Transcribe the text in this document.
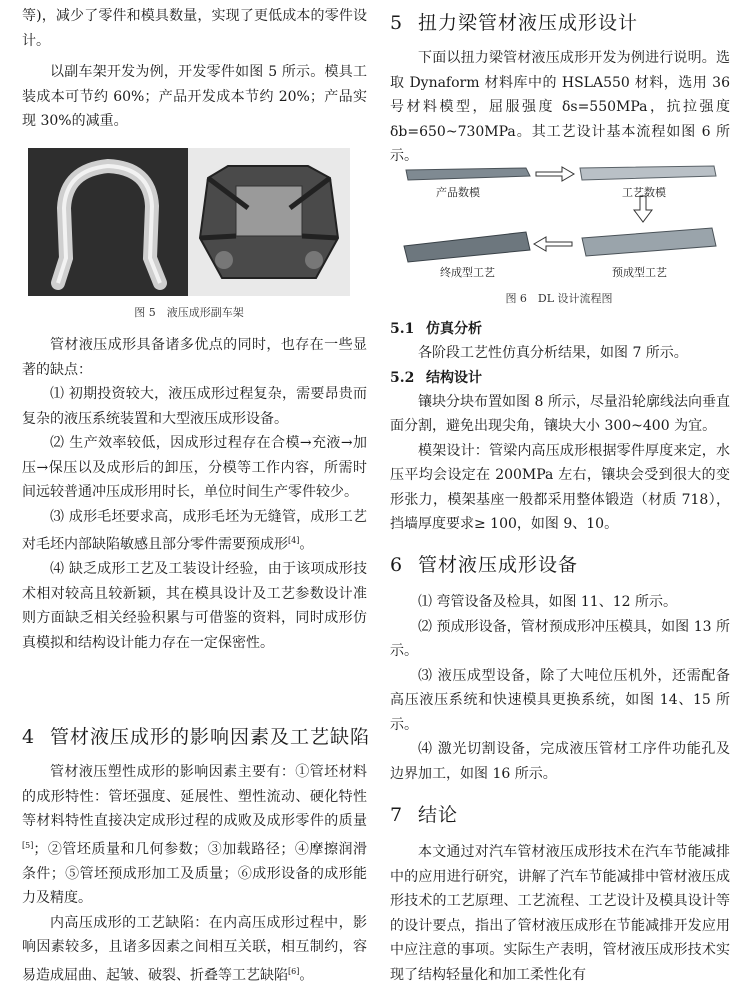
等)，减少了零件和模具数量，实现了更低成本的零件设计。

以副车架开发为例，开发零件如图 5 所示。模具工装成本可节约 60%；产品开发成本节约 20%；产品实现 30%的减重。

图 5　液压成形副车架

管材液压成形具备诸多优点的同时，也存在一些显著的缺点：

⑴ 初期投资较大，液压成形过程复杂，需要昂贵而复杂的液压系统装置和大型液压成形设备。

⑵ 生产效率较低，因成形过程存在合模→充液→加压→保压以及成形后的卸压，分模等工作内容，所需时间远较普通冲压成形用时长，单位时间生产零件较少。

⑶ 成形毛坯要求高，成形毛坯为无缝管，成形工艺对毛坯内部缺陷敏感且部分零件需要预成形[4]。

⑷ 缺乏成形工艺及工装设计经验，由于该项成形技术相对较高且较新颖，其在模具设计及工艺参数设计准则方面缺乏相关经验积累与可借鉴的资料，同时成形仿真模拟和结构设计能力存在一定保密性。

4 管材液压成形的影响因素及工艺缺陷

管材液压塑性成形的影响因素主要有：①管坯材料的成形特性：管坯强度、延展性、塑性流动、硬化特性等材料特性直接决定成形过程的成败及成形零件的质量[5]；②管坯质量和几何参数；③加载路径；④摩擦润滑条件；⑤管坯预成形加工及质量；⑥成形设备的成形能力及精度。

内高压成形的工艺缺陷：在内高压成形过程中，影响因素较多，且诸多因素之间相互关联，相互制约，容易造成屈曲、起皱、破裂、折叠等工艺缺陷[6]。

5 扭力梁管材液压成形设计

下面以扭力梁管材液压成形开发为例进行说明。选取 Dynaform 材料库中的 HSLA550 材料，选用 36 号材料模型，屈服强度 δs=550MPa，抗拉强度 δb=650~730MPa。其工艺设计基本流程如图 6 所示。

产品数模	工艺数模
终成型工艺	预成型工艺
图 6　DL 设计流程图
5.1 仿真分析

各阶段工艺性仿真分析结果，如图 7 所示。

5.2 结构设计

镶块分块布置如图 8 所示，尽量沿轮廓线法向垂直面分割，避免出现尖角，镶块大小 300~400 为宜。

模架设计：管梁内高压成形根据零件厚度来定，水压平均会设定在 200MPa 左右，镶块会受到很大的变形张力，模架基座一般都采用整体锻造（材质 718），挡墙厚度要求≥ 100，如图 9、10。

6 管材液压成形设备

⑴ 弯管设备及检具，如图 11、12 所示。

⑵ 预成形设备，管材预成形冲压模具，如图 13 所示。

⑶ 液压成型设备，除了大吨位压机外，还需配备高压液压系统和快速模具更换系统，如图 14、15 所示。

⑷ 激光切割设备，完成液压管材工序件功能孔及边界加工，如图 16 所示。

7 结论

本文通过对汽车管材液压成形技术在汽车节能减排中的应用进行研究，讲解了汽车节能减排中管材液压成形技术的工艺原理、工艺流程、工艺设计及模具设计等的设计要点，指出了管材液压成形在节能减排开发应用中应注意的事项。实际生产表明，管材液压成形技术实现了结构轻量化和加工柔性化有
